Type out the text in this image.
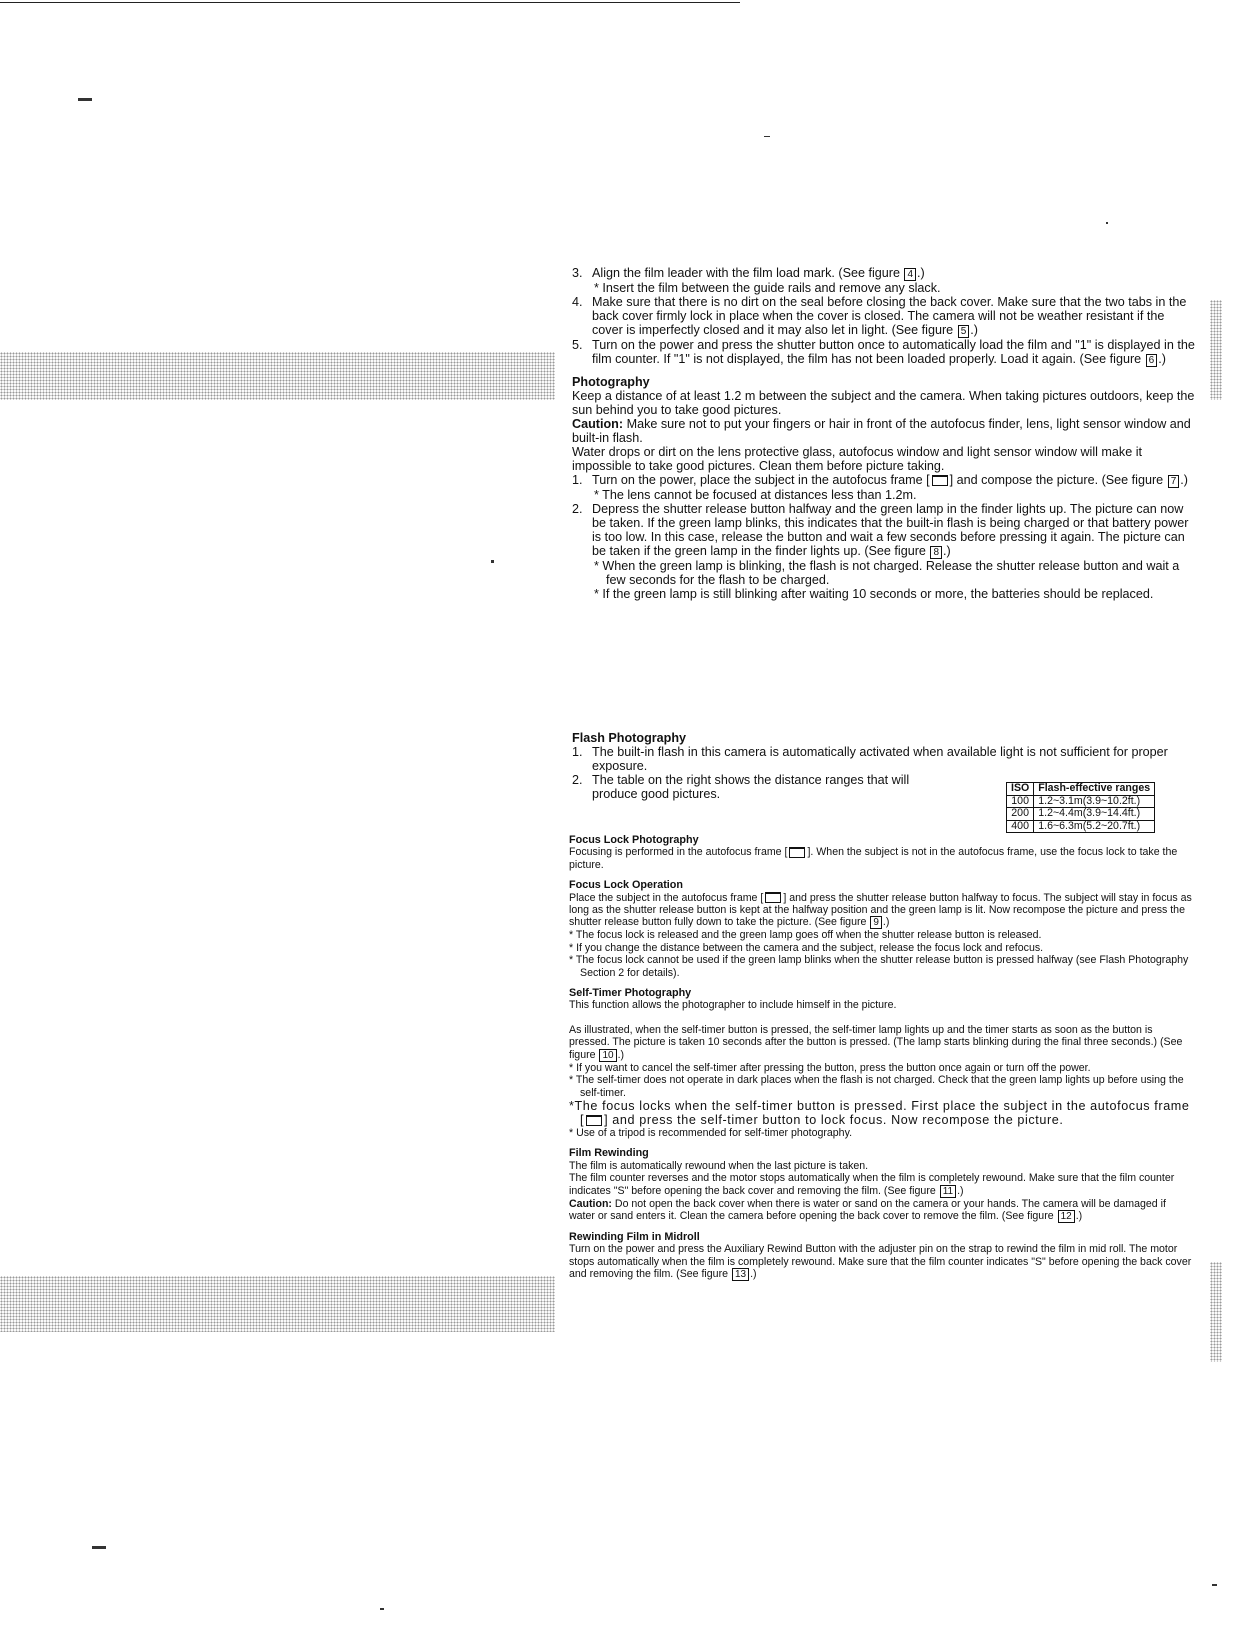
3. Align the film leader with the film load mark. (See figure 4 .)

* Insert the film between the guide rails and remove any slack.

4. Make sure that there is no dirt on the seal before closing the back cover. Make sure that the two tabs in the back cover firmly lock in place when the cover is closed. The camera will not be weather resistant if the cover is imperfectly closed and it may also let in light. (See figure 5 .)
5. Turn on the power and press the shutter button once to automatically load the film and "1" is displayed in the film counter. If "1" is not displayed, the film has not been loaded properly. Load it again. (See figure 6 .)
Photography

Keep a distance of at least 1.2 m between the subject and the camera. When taking pictures outdoors, keep the sun behind you to take good pictures.

Caution: Make sure not to put your fingers or hair in front of the autofocus finder, lens, light sensor window and built-in flash.

Water drops or dirt on the lens protective glass, autofocus window and light sensor window will make it impossible to take good pictures. Clean them before picture taking.

1. Turn on the power, place the subject in the autofocus frame [ ] and compose the picture. (See figure 7 .)

* The lens cannot be focused at distances less than 1.2m.

2. Depress the shutter release button halfway and the green lamp in the finder lights up. The picture can now be taken. If the green lamp blinks, this indicates that the built-in flash is being charged or that battery power is too low. In this case, release the button and wait a few seconds before pressing it again. The picture can be taken if the green lamp in the finder lights up. (See figure 8 .)

* When the green lamp is blinking, the flash is not charged. Release the shutter release button and wait a few seconds for the flash to be charged.

* If the green lamp is still blinking after waiting 10 seconds or more, the batteries should be replaced.

Flash Photography
1. The built-in flash in this camera is automatically activated when available light is not sufficient for proper exposure.
2. The table on the right shows the distance ranges that will produce good pictures.	ISO	Flash-effective ranges
100	1.2~3.1m(3.9~10.2ft.)
200	1.2~4.4m(3.9~14.4ft.)
400	1.6~6.3m(5.2~20.7ft.)
Focus Lock Photography

Focusing is performed in the autofocus frame [ ]. When the subject is not in the autofocus frame, use the focus lock to take the picture.

Focus Lock Operation

Place the subject in the autofocus frame [ ] and press the shutter release button halfway to focus. The subject will stay in focus as long as the shutter release button is kept at the halfway position and the green lamp is lit. Now recompose the picture and press the shutter release button fully down to take the picture. (See figure 9 .)

* The focus lock is released and the green lamp goes off when the shutter release button is released.

* If you change the distance between the camera and the subject, release the focus lock and refocus.

* The focus lock cannot be used if the green lamp blinks when the shutter release button is pressed halfway (see Flash Photography Section 2 for details).

Self-Timer Photography

This function allows the photographer to include himself in the picture.

As illustrated, when the self-timer button is pressed, the self-timer lamp lights up and the timer starts as soon as the button is pressed. The picture is taken 10 seconds after the button is pressed. (The lamp starts blinking during the final three seconds.) (See figure 10 .)

* If you want to cancel the self-timer after pressing the button, press the button once again or turn off the power.

* The self-timer does not operate in dark places when the flash is not charged. Check that the green lamp lights up before using the self-timer.

*The focus locks when the self-timer button is pressed. First place the subject in the autofocus frame [ ] and press the self-timer button to lock focus. Now recompose the picture.

* Use of a tripod is recommended for self-timer photography.

Film Rewinding

The film is automatically rewound when the last picture is taken.

The film counter reverses and the motor stops automatically when the film is completely rewound. Make sure that the film counter indicates "S" before opening the back cover and removing the film. (See figure 11 .)

Caution: Do not open the back cover when there is water or sand on the camera or your hands. The camera will be damaged if water or sand enters it. Clean the camera before opening the back cover to remove the film. (See figure 12 .)

Rewinding Film in Midroll

Turn on the power and press the Auxiliary Rewind Button with the adjuster pin on the strap to rewind the film in mid roll. The motor stops automatically when the film is completely rewound. Make sure that the film counter indicates "S" before opening the back cover and removing the film. (See figure 13 .)
